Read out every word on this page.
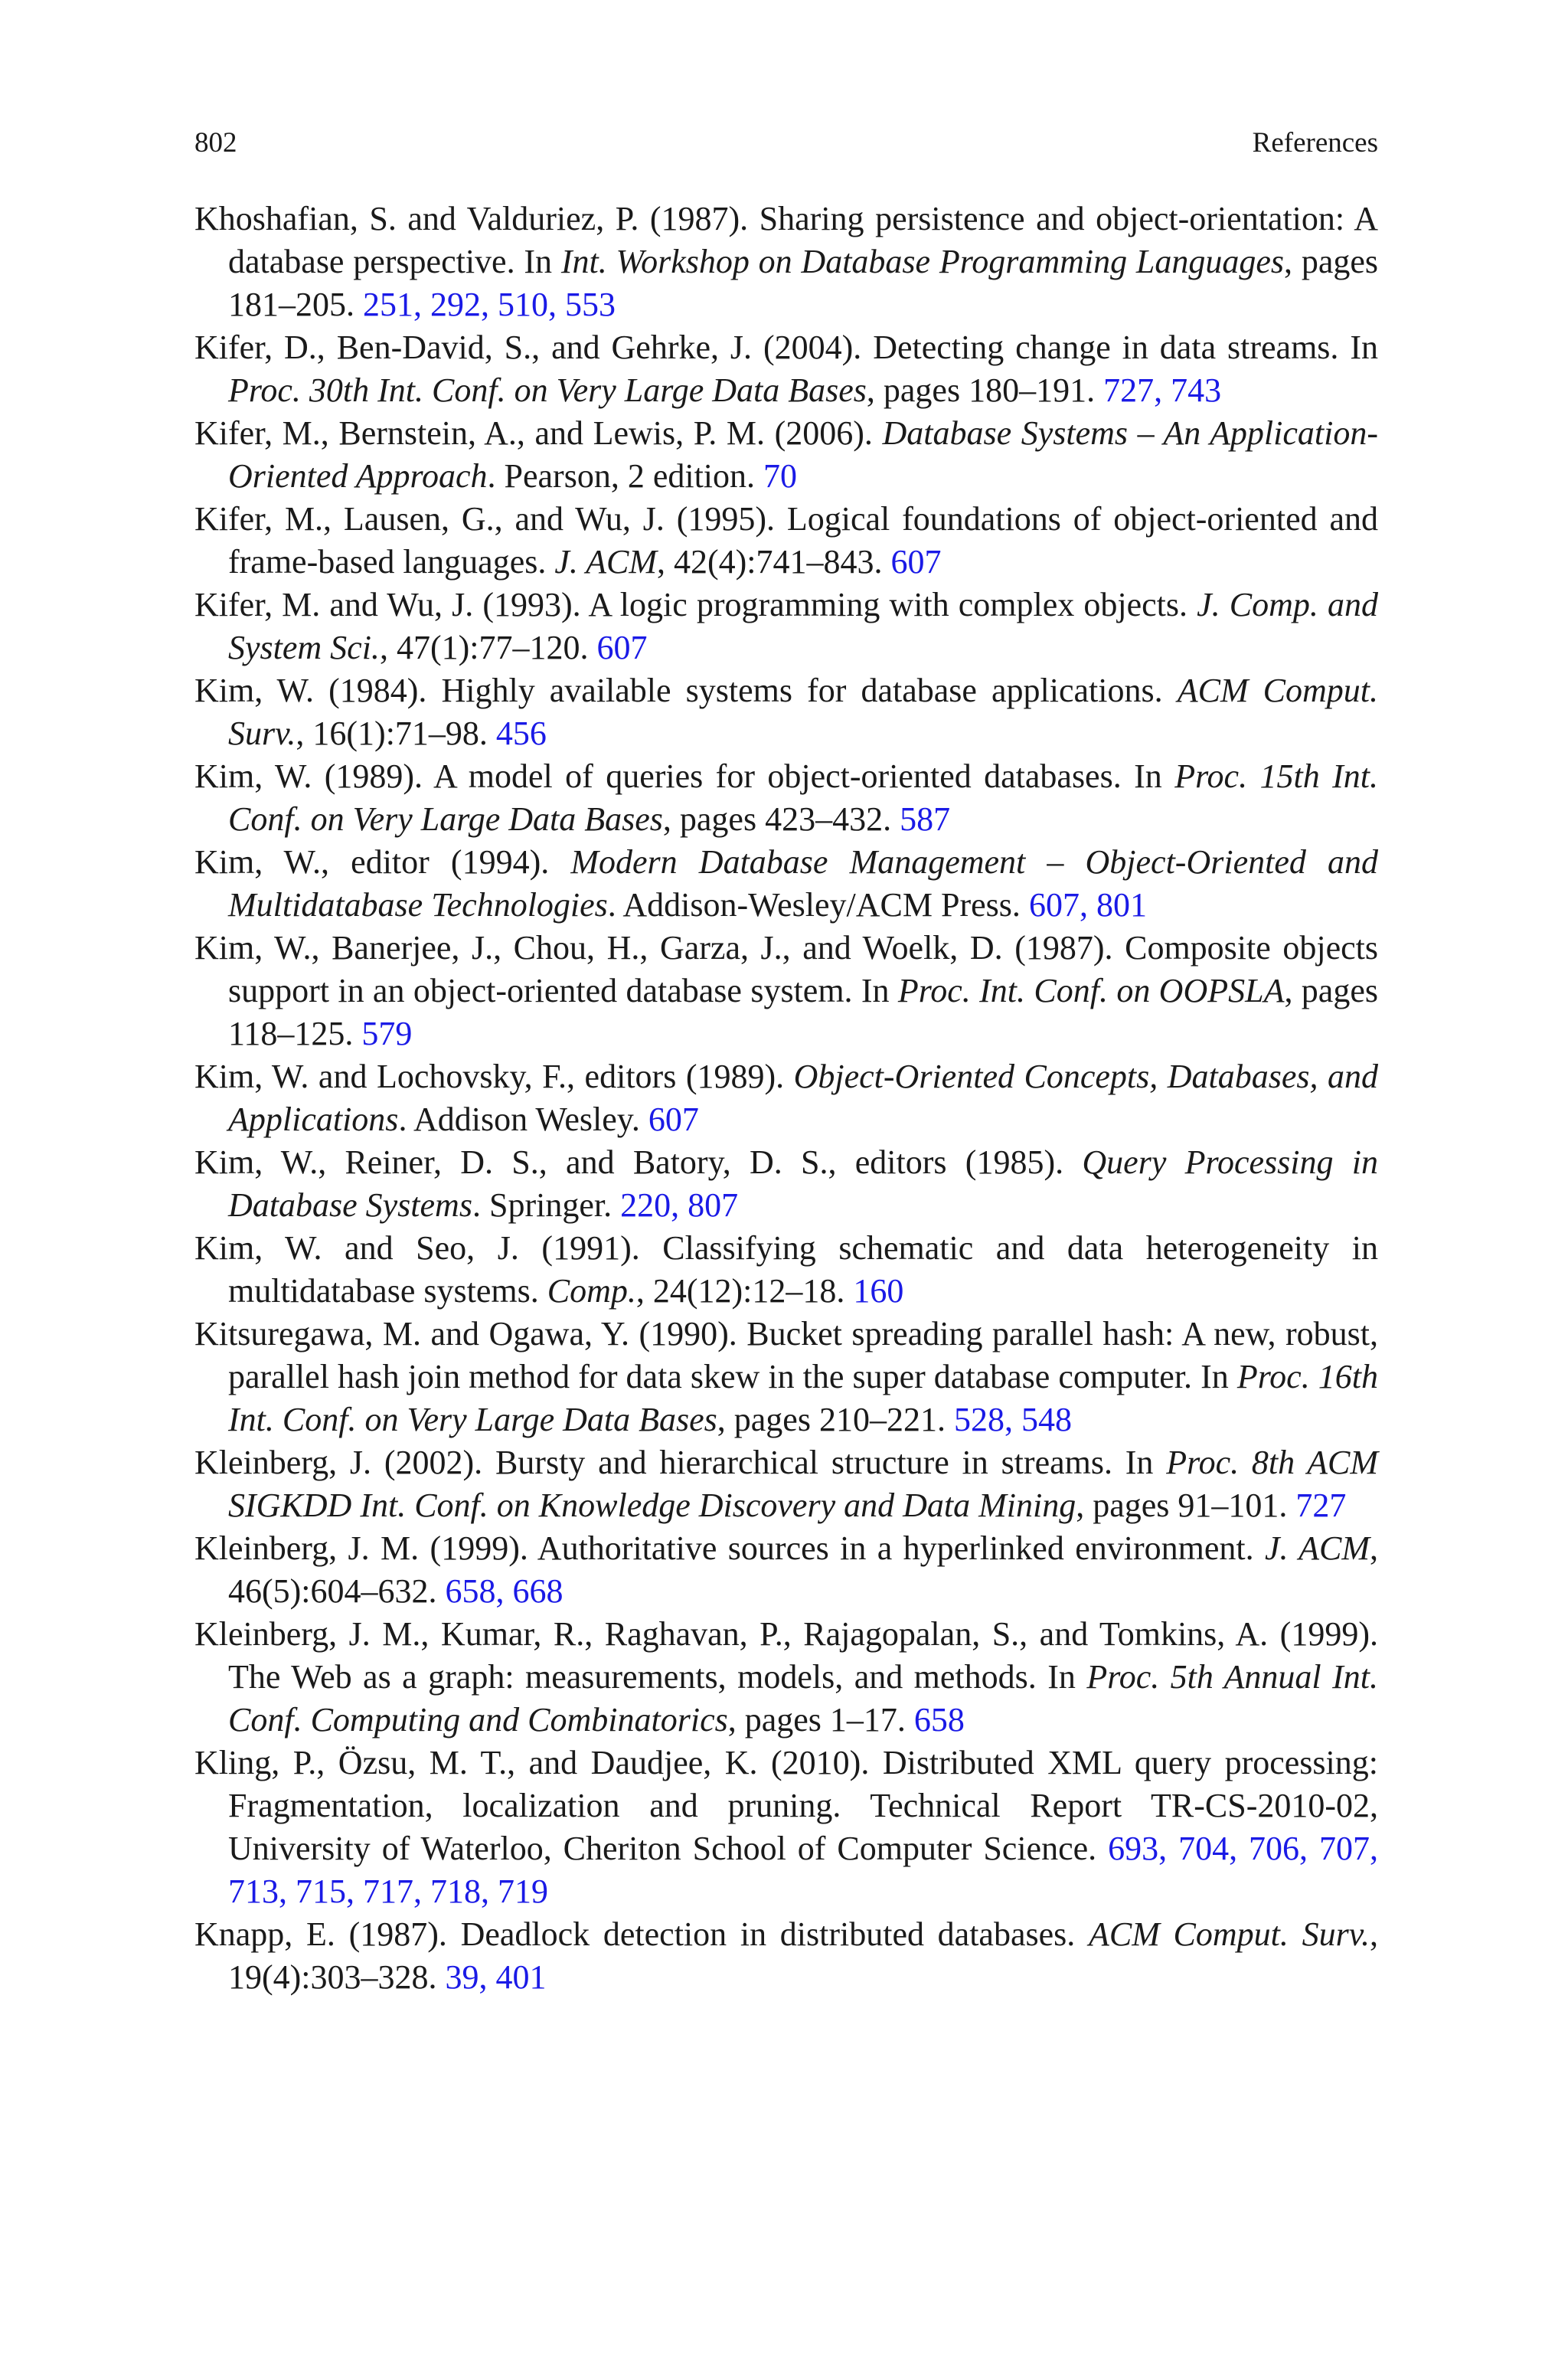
802	References
Khoshafian, S. and Valduriez, P. (1987). Sharing persistence and object-orientation: A database perspective. In Int. Workshop on Database Programming Languages, pages 181–205. 251, 292, 510, 553
Kifer, D., Ben-David, S., and Gehrke, J. (2004). Detecting change in data streams. In Proc. 30th Int. Conf. on Very Large Data Bases, pages 180–191. 727, 743
Kifer, M., Bernstein, A., and Lewis, P. M. (2006). Database Systems – An Application-Oriented Approach. Pearson, 2 edition. 70
Kifer, M., Lausen, G., and Wu, J. (1995). Logical foundations of object-oriented and frame-based languages. J. ACM, 42(4):741–843. 607
Kifer, M. and Wu, J. (1993). A logic programming with complex objects. J. Comp. and System Sci., 47(1):77–120. 607
Kim, W. (1984). Highly available systems for database applications. ACM Comput. Surv., 16(1):71–98. 456
Kim, W. (1989). A model of queries for object-oriented databases. In Proc. 15th Int. Conf. on Very Large Data Bases, pages 423–432. 587
Kim, W., editor (1994). Modern Database Management – Object-Oriented and Multidatabase Technologies. Addison-Wesley/ACM Press. 607, 801
Kim, W., Banerjee, J., Chou, H., Garza, J., and Woelk, D. (1987). Composite objects support in an object-oriented database system. In Proc. Int. Conf. on OOPSLA, pages 118–125. 579
Kim, W. and Lochovsky, F., editors (1989). Object-Oriented Concepts, Databases, and Applications. Addison Wesley. 607
Kim, W., Reiner, D. S., and Batory, D. S., editors (1985). Query Processing in Database Systems. Springer. 220, 807
Kim, W. and Seo, J. (1991). Classifying schematic and data heterogeneity in multidatabase systems. Comp., 24(12):12–18. 160
Kitsuregawa, M. and Ogawa, Y. (1990). Bucket spreading parallel hash: A new, robust, parallel hash join method for data skew in the super database computer. In Proc. 16th Int. Conf. on Very Large Data Bases, pages 210–221. 528, 548
Kleinberg, J. (2002). Bursty and hierarchical structure in streams. In Proc. 8th ACM SIGKDD Int. Conf. on Knowledge Discovery and Data Mining, pages 91–101. 727
Kleinberg, J. M. (1999). Authoritative sources in a hyperlinked environment. J. ACM, 46(5):604–632. 658, 668
Kleinberg, J. M., Kumar, R., Raghavan, P., Rajagopalan, S., and Tomkins, A. (1999). The Web as a graph: measurements, models, and methods. In Proc. 5th Annual Int. Conf. Computing and Combinatorics, pages 1–17. 658
Kling, P., Özsu, M. T., and Daudjee, K. (2010). Distributed XML query processing: Fragmentation, localization and pruning. Technical Report TR-CS-2010-02, University of Waterloo, Cheriton School of Computer Science. 693, 704, 706, 707, 713, 715, 717, 718, 719
Knapp, E. (1987). Deadlock detection in distributed databases. ACM Comput. Surv., 19(4):303–328. 39, 401
